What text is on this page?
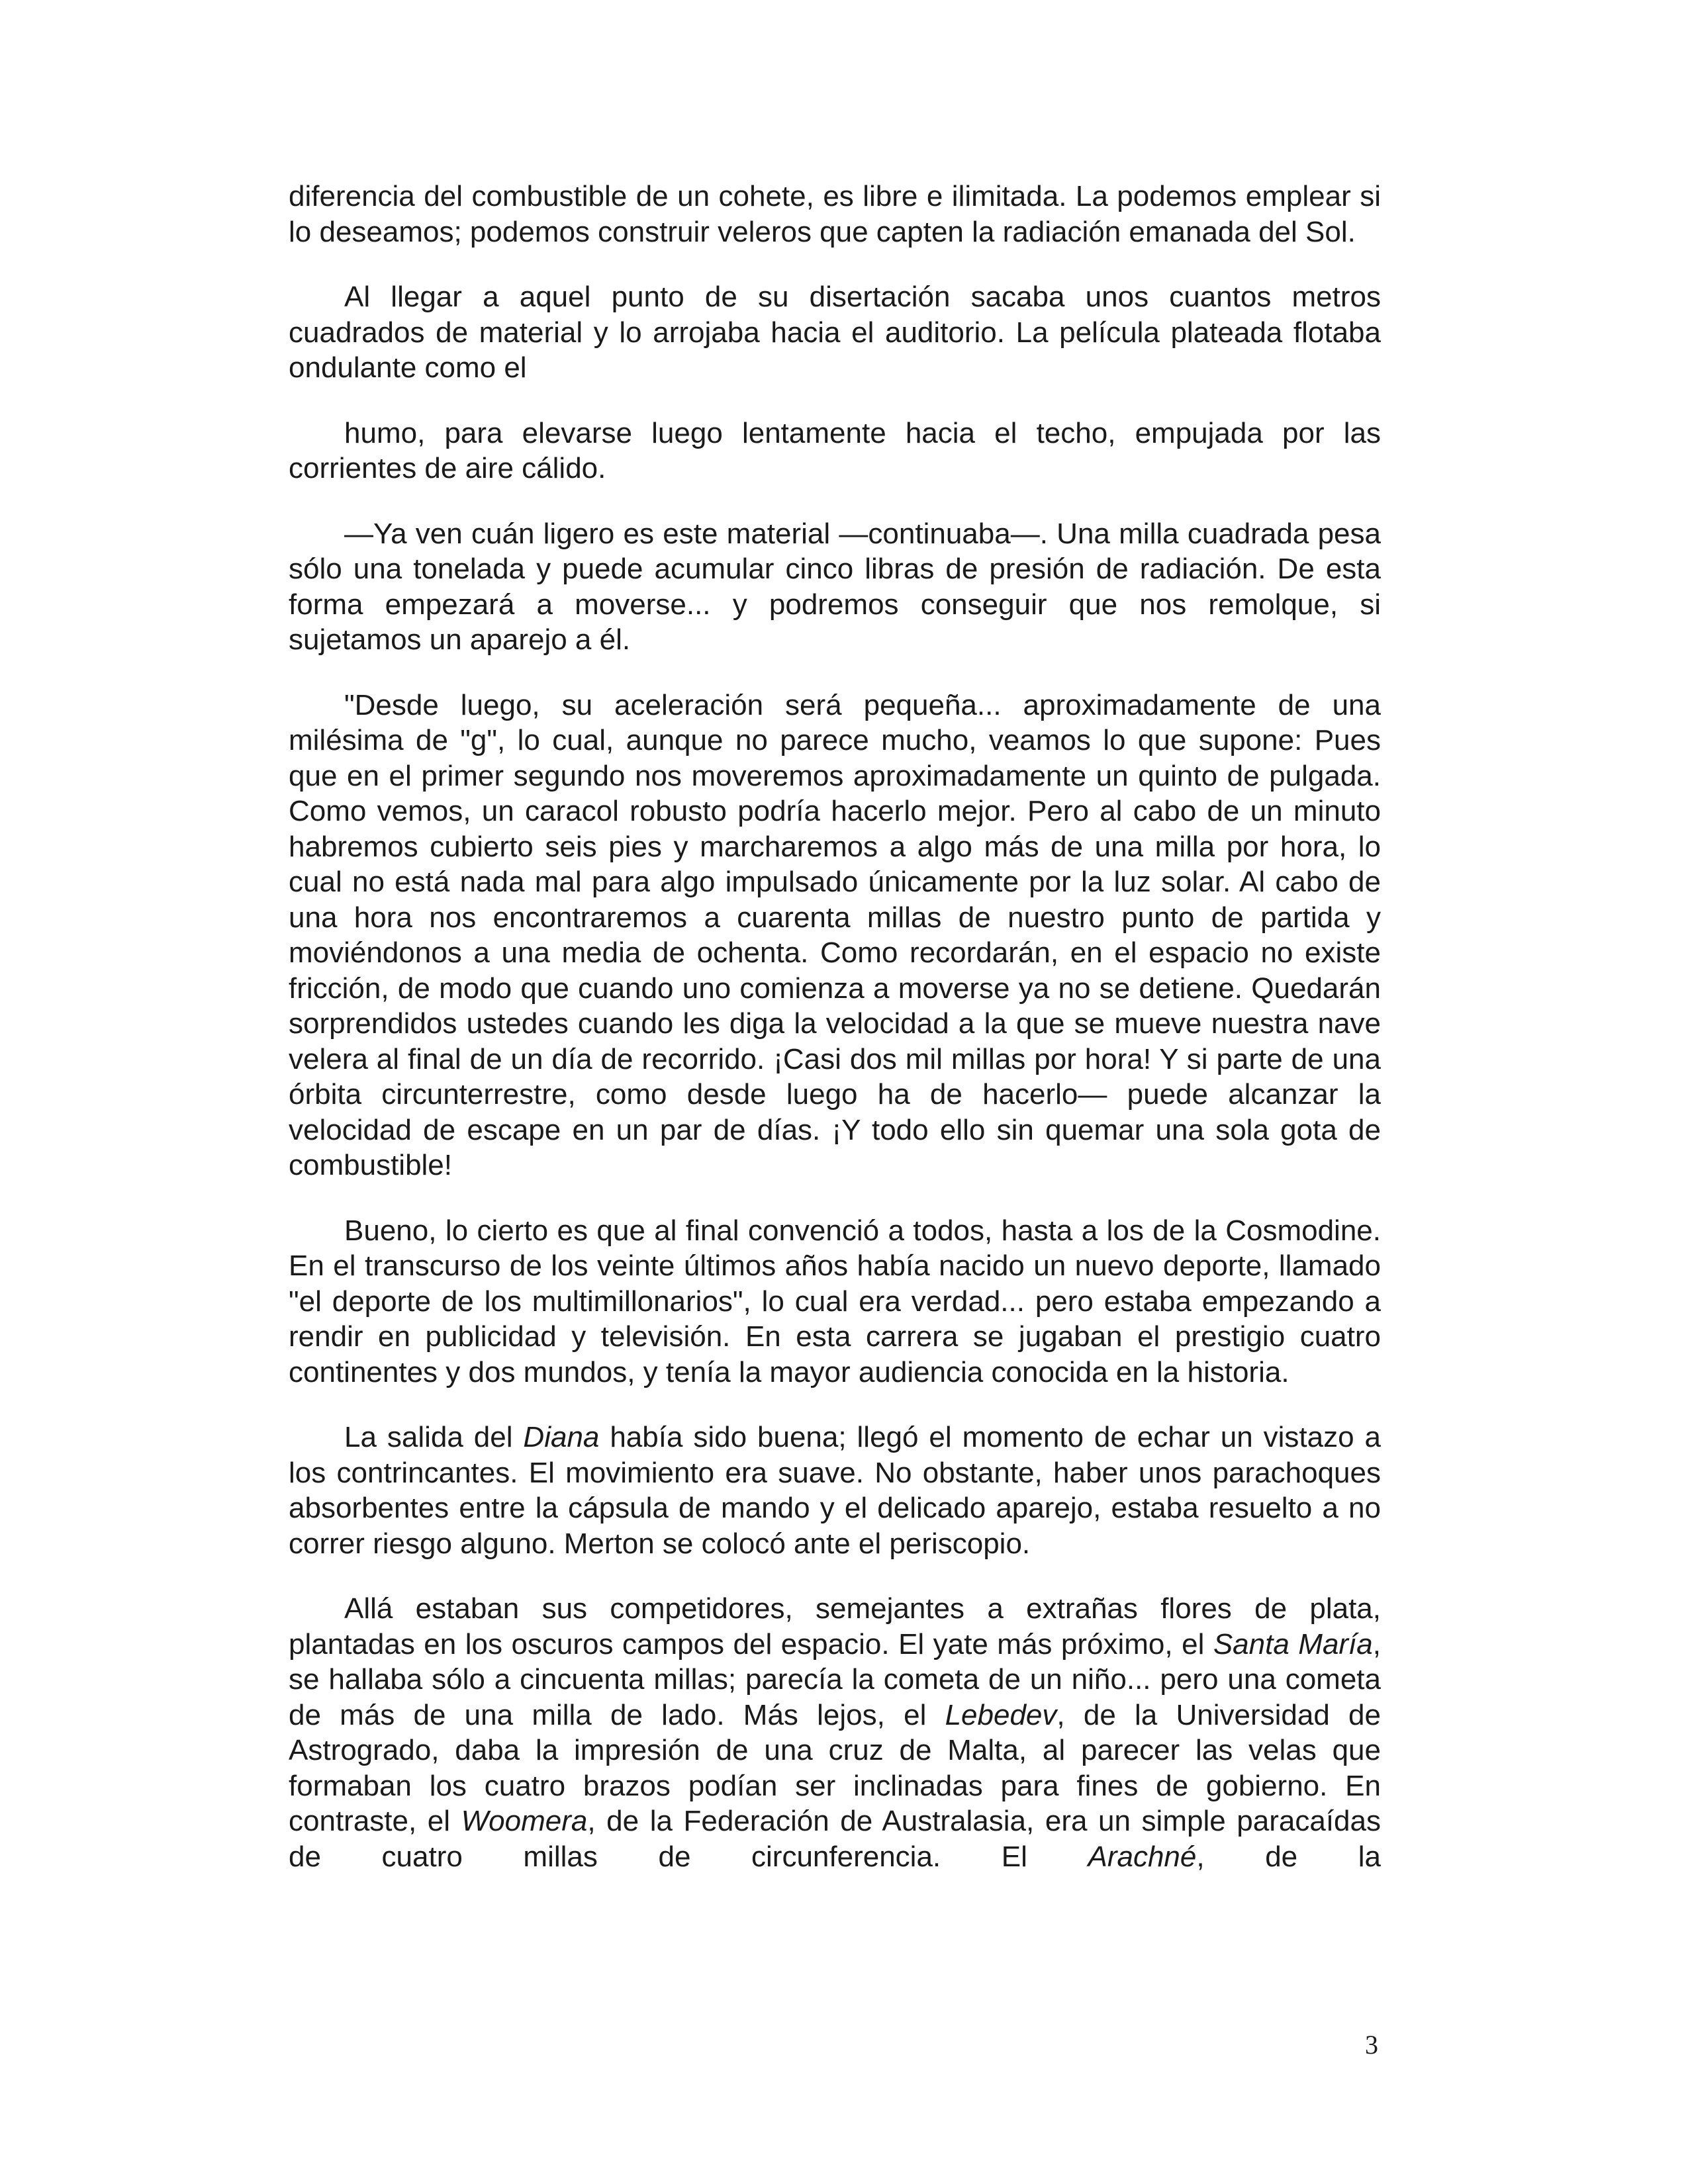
diferencia del combustible de un cohete, es libre e ilimitada. La podemos emplear si lo deseamos; podemos construir veleros que capten la radiación emanada del Sol.

Al llegar a aquel punto de su disertación sacaba unos cuantos metros cuadrados de material y lo arrojaba hacia el auditorio. La película plateada flotaba ondulante como el

humo, para elevarse luego lentamente hacia el techo, empujada por las corrientes de aire cálido.

—Ya ven cuán ligero es este material —continuaba—. Una milla cuadrada pesa sólo una tonelada y puede acumular cinco libras de presión de radiación. De esta forma empezará a moverse... y podremos conseguir que nos remolque, si sujetamos un aparejo a él.

"Desde luego, su aceleración será pequeña... aproximadamente de una milésima de "g", lo cual, aunque no parece mucho, veamos lo que supone: Pues que en el primer segundo nos moveremos aproximadamente un quinto de pulgada. Como vemos, un caracol robusto podría hacerlo mejor. Pero al cabo de un minuto habremos cubierto seis pies y marcharemos a algo más de una milla por hora, lo cual no está nada mal para algo impulsado únicamente por la luz solar. Al cabo de una hora nos encontraremos a cuarenta millas de nuestro punto de partida y moviéndonos a una media de ochenta. Como recordarán, en el espacio no existe fricción, de modo que cuando uno comienza a moverse ya no se detiene. Quedarán sorprendidos ustedes cuando les diga la velocidad a la que se mueve nuestra nave velera al final de un día de recorrido. ¡Casi dos mil millas por hora! Y si parte de una órbita circunterrestre, como desde luego ha de hacerlo— puede alcanzar la velocidad de escape en un par de días. ¡Y todo ello sin quemar una sola gota de combustible!

Bueno, lo cierto es que al final convenció a todos, hasta a los de la Cosmodine. En el transcurso de los veinte últimos años había nacido un nuevo deporte, llamado "el deporte de los multimillonarios", lo cual era verdad... pero estaba empezando a rendir en publicidad y televisión. En esta carrera se jugaban el prestigio cuatro continentes y dos mundos, y tenía la mayor audiencia conocida en la historia.

La salida del Diana había sido buena; llegó el momento de echar un vistazo a los contrincantes. El movimiento era suave. No obstante, haber unos parachoques absorbentes entre la cápsula de mando y el delicado aparejo, estaba resuelto a no correr riesgo alguno. Merton se colocó ante el periscopio.

Allá estaban sus competidores, semejantes a extrañas flores de plata, plantadas en los oscuros campos del espacio. El yate más próximo, el Santa María, se hallaba sólo a cincuenta millas; parecía la cometa de un niño... pero una cometa de más de una milla de lado. Más lejos, el Lebedev, de la Universidad de Astrogrado, daba la impresión de una cruz de Malta, al parecer las velas que formaban los cuatro brazos podían ser inclinadas para fines de gobierno. En contraste, el Woomera, de la Federación de Australasia, era un simple paracaídas de cuatro millas de circunferencia. El Arachné, de la

3
